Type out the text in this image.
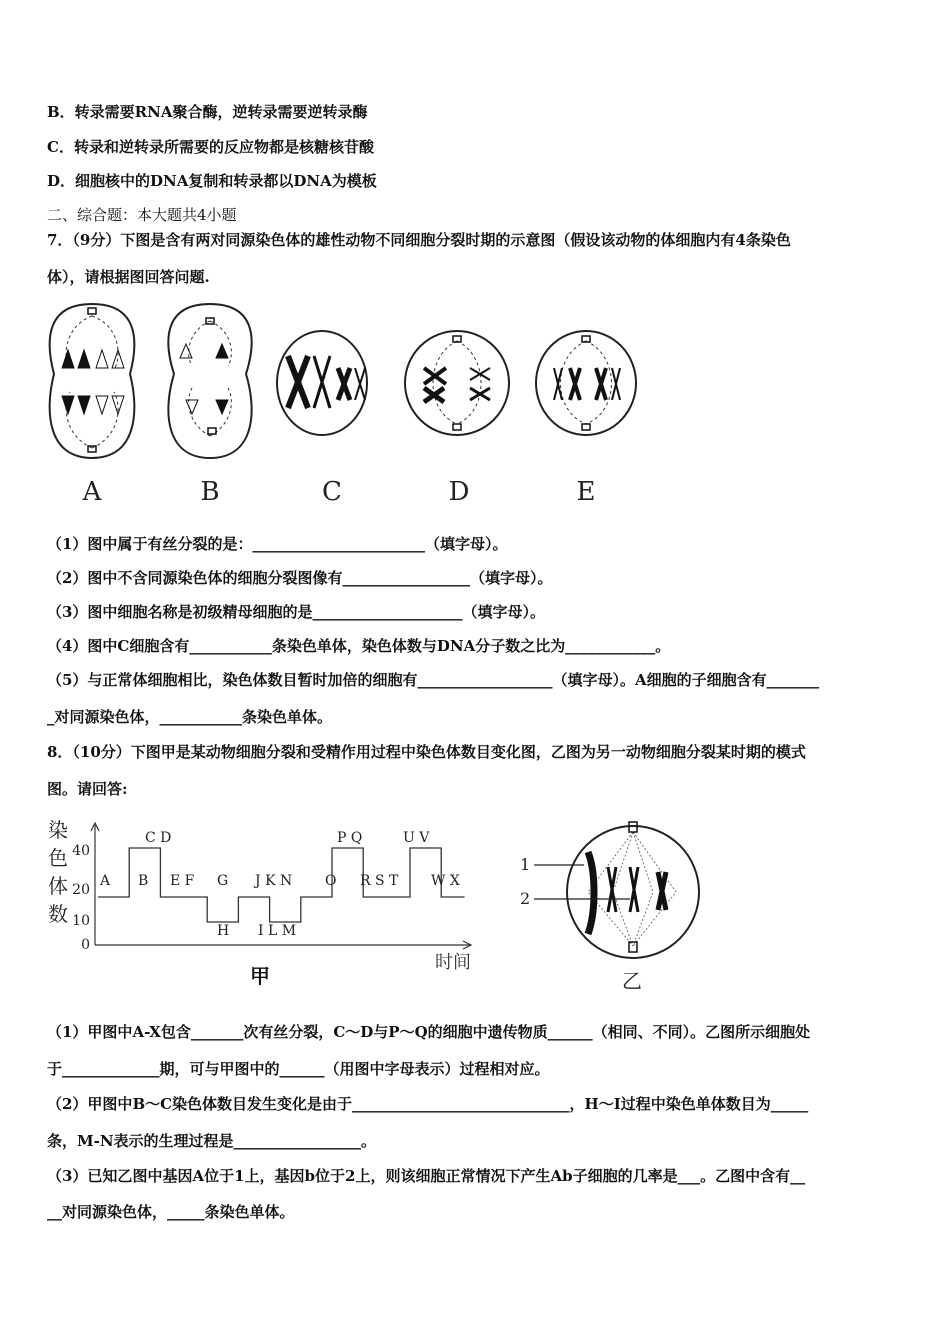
B．转录需要RNA聚合酶，逆转录需要逆转录酶
C．转录和逆转录所需要的反应物都是核糖核苷酸
D．细胞核中的DNA复制和转录都以DNA为模板
二、综合题：本大题共4小题
7．（9分）下图是含有两对同源染色体的雄性动物不同细胞分裂时期的示意图（假设该动物的体细胞内有4条染色
体），请根据图回答问题.
A	B	C	D	E
（1）图中属于有丝分裂的是：_______________________（填字母）。
（2）图中不含同源染色体的细胞分裂图像有_________________（填字母）。
（3）图中细胞名称是初级精母细胞的是____________________（填字母）。
（4）图中C细胞含有___________条染色单体，染色体数与DNA分子数之比为____________。
（5）与正常体细胞相比，染色体数目暂时加倍的细胞有__________________（填字母）。A细胞的子细胞含有_______
_对同源染色体，___________条染色单体。
8．（10分）下图甲是某动物细胞分裂和受精作用过程中染色体数目变化图，乙图为另一动物细胞分裂某时期的模式
图。请回答:
染
色
体
数
40
20
10
0
A B
C D
E F G J K N O
P Q
R S T
U V
W X
H I L M
时间
甲
1
2
乙
（1）甲图中A-X包含_______次有丝分裂，C～D与P～Q的细胞中遗传物质______（相同、不同）。乙图所示细胞处
于_____________期，可与甲图中的______（用图中字母表示）过程相对应。
（2）甲图中B～C染色体数目发生变化是由于_____________________________，H～I过程中染色单体数目为_____
条，M-N表示的生理过程是_________________。
（3）已知乙图中基因A位于1上，基因b位于2上，则该细胞正常情况下产生Ab子细胞的几率是___。乙图中含有__
__对同源染色体，_____条染色单体。
